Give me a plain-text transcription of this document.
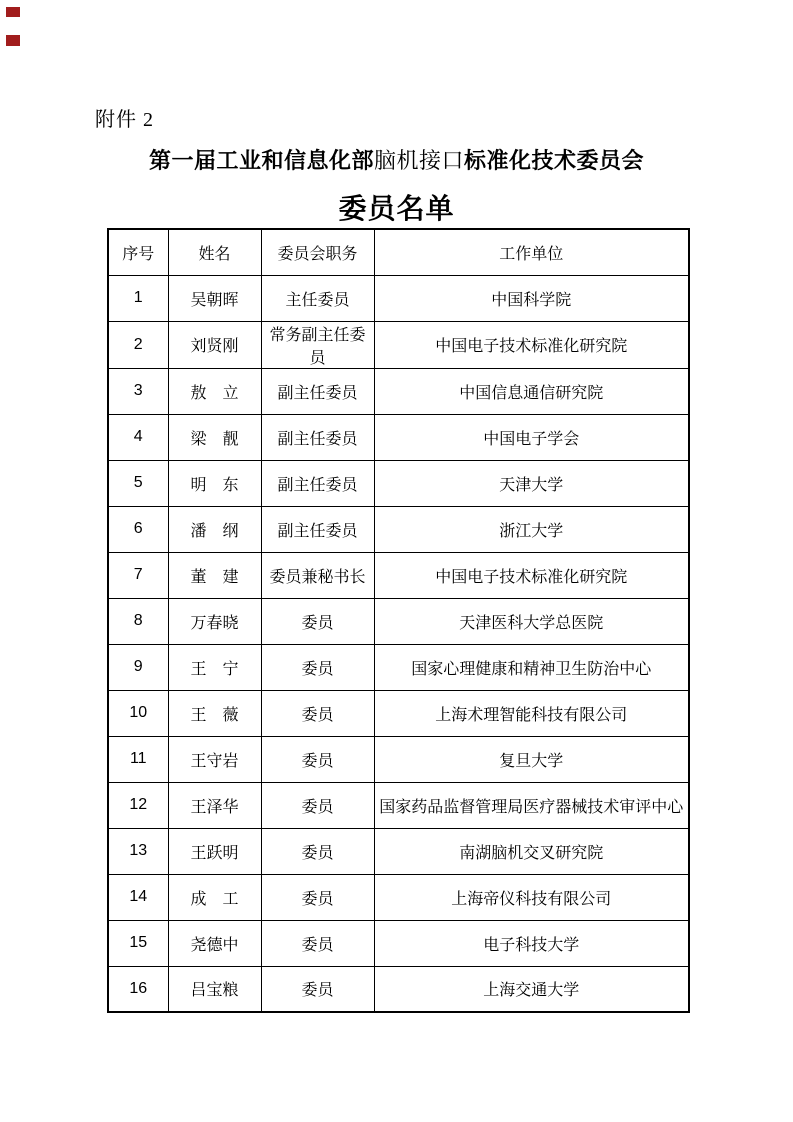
附件 2
第一届工业和信息化部脑机接口标准化技术委员会
委员名单
序号	姓名	委员会职务	工作单位
1	吴朝晖	主任委员	中国科学院
2	刘贤刚	常务副主任委员	中国电子技术标准化研究院
3	敖　立	副主任委员	中国信息通信研究院
4	梁　靓	副主任委员	中国电子学会
5	明　东	副主任委员	天津大学
6	潘　纲	副主任委员	浙江大学
7	董　建	委员兼秘书长	中国电子技术标准化研究院
8	万春晓	委员	天津医科大学总医院
9	王　宁	委员	国家心理健康和精神卫生防治中心
10	王　薇	委员	上海术理智能科技有限公司
11	王守岩	委员	复旦大学
12	王泽华	委员	国家药品监督管理局医疗器械技术审评中心
13	王跃明	委员	南湖脑机交叉研究院
14	成　工	委员	上海帝仪科技有限公司
15	尧德中	委员	电子科技大学
16	吕宝粮	委员	上海交通大学
